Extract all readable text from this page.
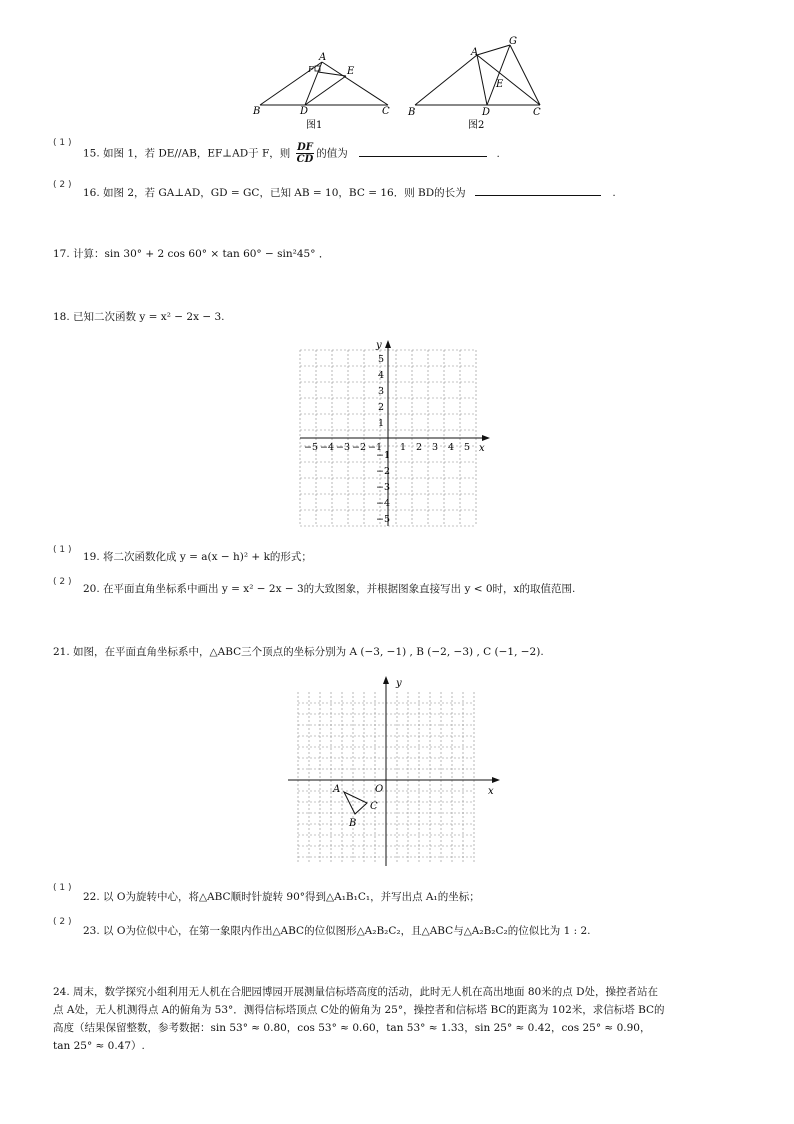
A
B	C
D
E
F
图1
A
G
B	C
D
E
图2
( 1 )
15. 如图 1，若 DE//AB，EF⊥AD于 F，则 $\frac{DF}{CD}$ 的值为	.
( 2 )
16. 如图 2，若 GA⊥AD，GD = GC，已知 AB = 10，BC = 16．则 BD的长为	.
17. 计算：sin 30° + 2 cos 60° × tan 60° − sin²45° ．
18. 已知二次函数 y = x² − 2x − 3.
x
y
−5 −4 −3 −2 −1 1 2 3 4 5
5
4
3
2
1
−1
−2
−3
−4
−5
( 1 )
19. 将二次函数化成 y = a(x − h)² + k的形式；
( 2 )
20. 在平面直角坐标系中画出 y = x² − 2x − 3的大致图象，并根据图象直接写出 y < 0时，x的取值范围.
21. 如图，在平面直角坐标系中，△ABC三个顶点的坐标分别为 A (−3, −1) , B (−2, −3) , C (−1, −2).
x
y
O
A
B
C
( 1 )
22. 以 O为旋转中心，将△ABC顺时针旋转 90°得到△A₁B₁C₁，并写出点 A₁的坐标；
( 2 )
23. 以 O为位似中心，在第一象限内作出△ABC的位似图形△A₂B₂C₂，且△ABC与△A₂B₂C₂的位似比为 1 : 2.
24. 周末，数学探究小组利用无人机在合肥园博园开展测量信标塔高度的活动，此时无人机在高出地面 80米的点 D处，操控者站在
点 A处，无人机测得点 A的俯角为 53°．测得信标塔顶点 C处的俯角为 25°，操控者和信标塔 BC的距离为 102米，求信标塔 BC的
高度（结果保留整数，参考数据：sin 53° ≈ 0.80，cos 53° ≈ 0.60，tan 53° ≈ 1.33，sin 25° ≈ 0.42，cos 25° ≈ 0.90，
tan 25° ≈ 0.47）.
